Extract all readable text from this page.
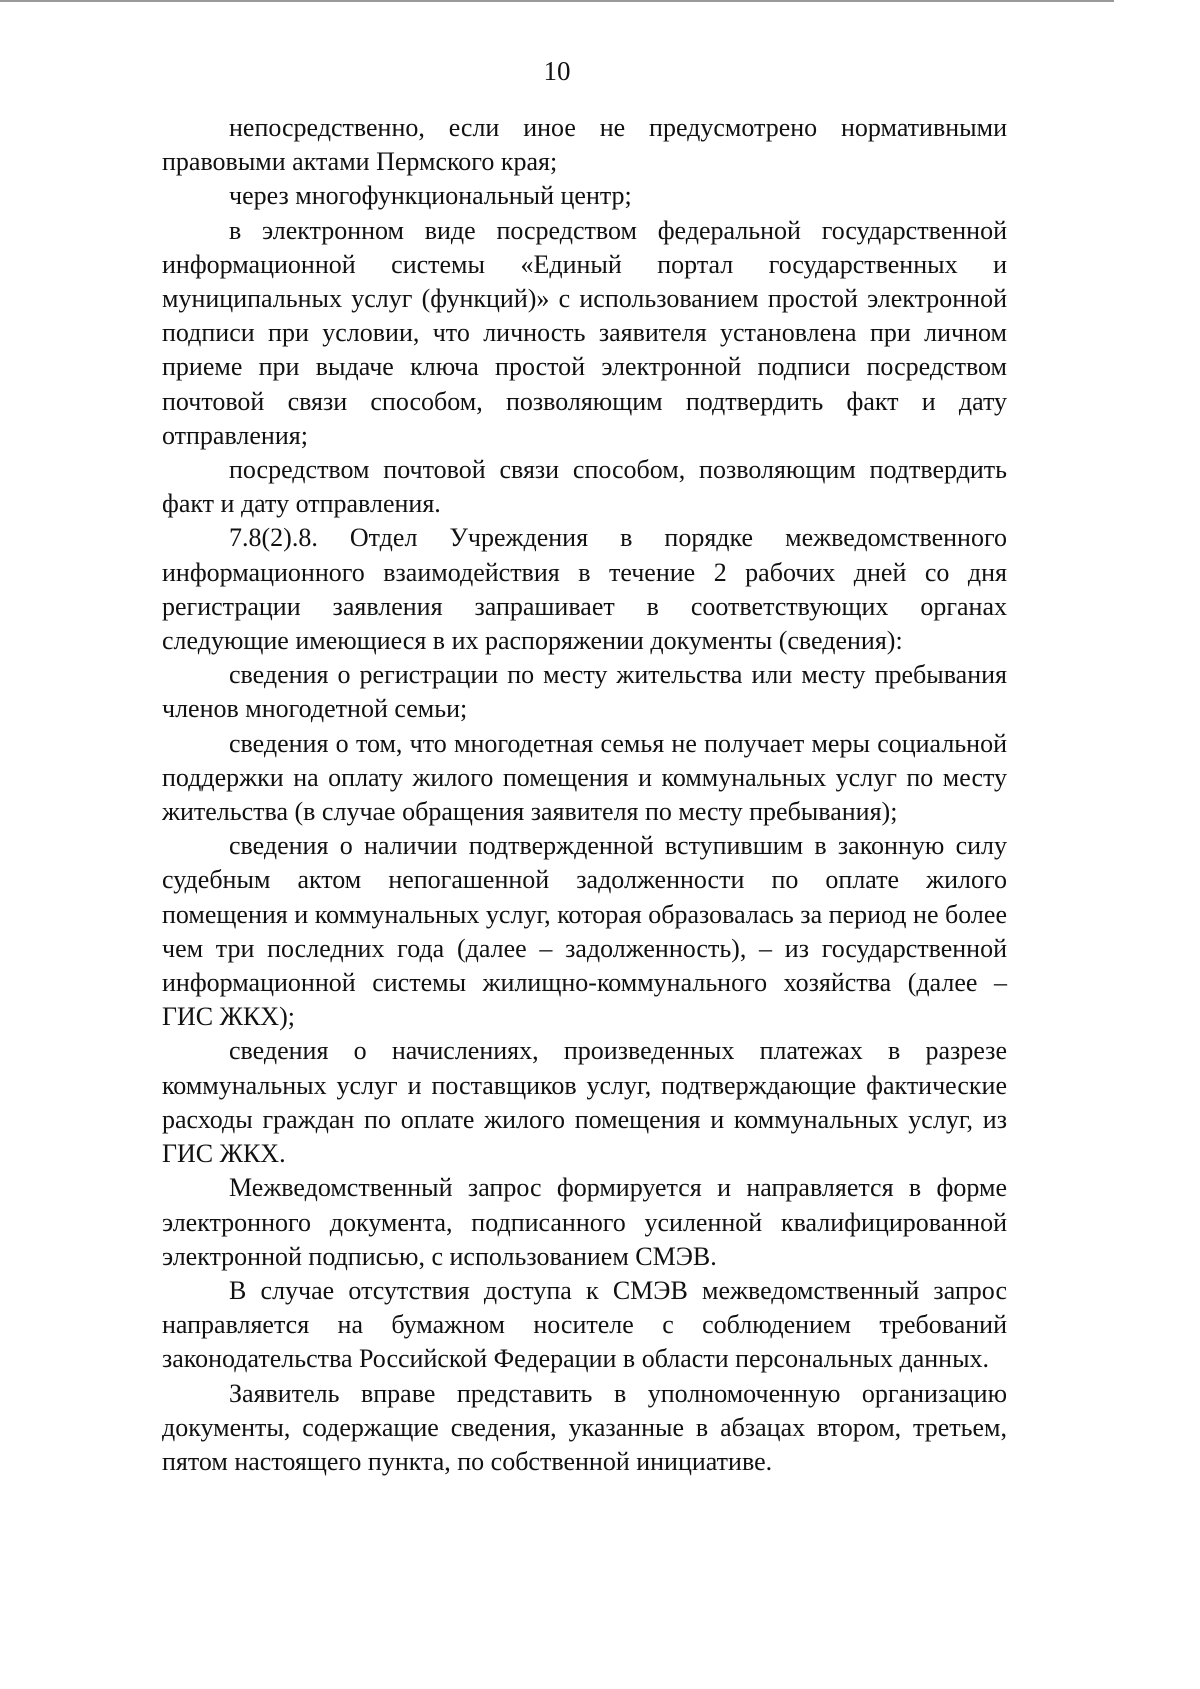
10

непосредственно, если иное не предусмотрено нормативными правовыми актами Пермского края;

через многофункциональный центр;

в электронном виде посредством федеральной государственной информационной системы «Единый портал государственных и муниципальных услуг (функций)» с использованием простой электронной подписи при условии, что личность заявителя установлена при личном приеме при выдаче ключа простой электронной подписи посредством почтовой связи способом, позволяющим подтвердить факт и дату отправления;

посредством почтовой связи способом, позволяющим подтвердить факт и дату отправления.

7.8(2).8. Отдел Учреждения в порядке межведомственного информационного взаимодействия в течение 2 рабочих дней со дня регистрации заявления запрашивает в соответствующих органах следующие имеющиеся в их распоряжении документы (сведения):

сведения о регистрации по месту жительства или месту пребывания членов многодетной семьи;

сведения о том, что многодетная семья не получает меры социальной поддержки на оплату жилого помещения и коммунальных услуг по месту жительства (в случае обращения заявителя по месту пребывания);

сведения о наличии подтвержденной вступившим в законную силу судебным актом непогашенной задолженности по оплате жилого помещения и коммунальных услуг, которая образовалась за период не более чем три последних года (далее – задолженность), – из государственной информационной системы жилищно-коммунального хозяйства (далее – ГИС ЖКХ);

сведения о начислениях, произведенных платежах в разрезе коммунальных услуг и поставщиков услуг, подтверждающие фактические расходы граждан по оплате жилого помещения и коммунальных услуг, из ГИС ЖКХ.

Межведомственный запрос формируется и направляется в форме электронного документа, подписанного усиленной квалифицированной электронной подписью, с использованием СМЭВ.

В случае отсутствия доступа к СМЭВ межведомственный запрос направляется на бумажном носителе с соблюдением требований законодательства Российской Федерации в области персональных данных.

Заявитель вправе представить в уполномоченную организацию документы, содержащие сведения, указанные в абзацах втором, третьем, пятом настоящего пункта, по собственной инициативе.
